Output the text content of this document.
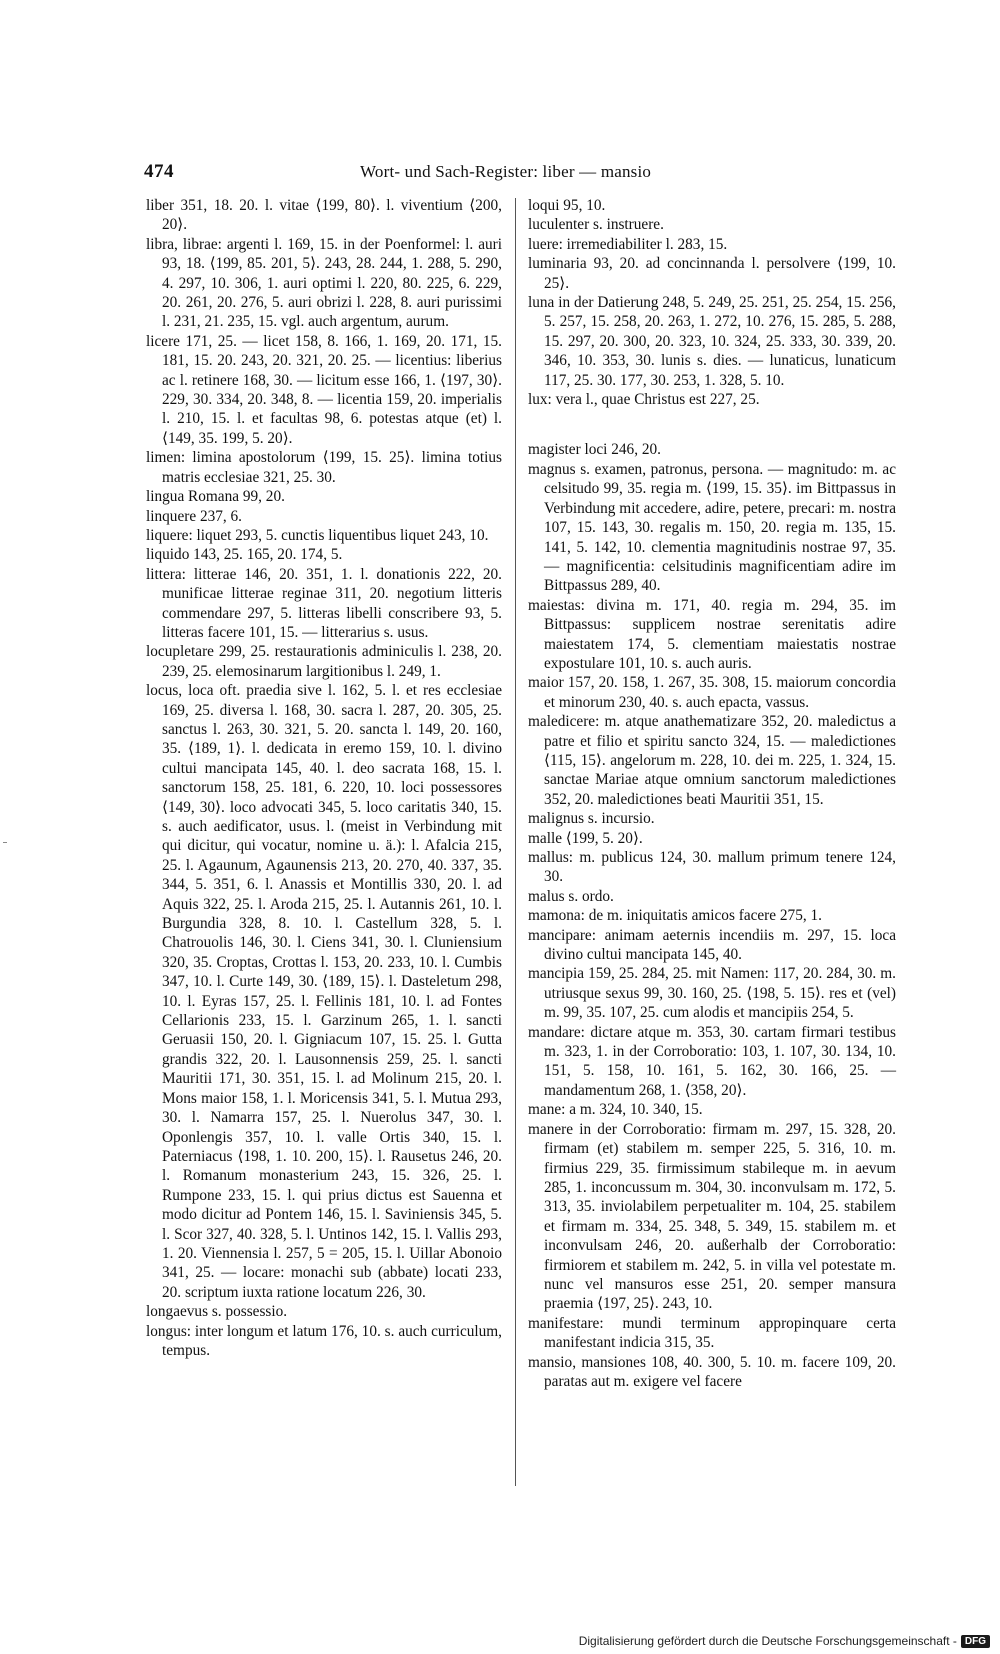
474	Wort- und Sach-Register: liber — mansio

liber 351, 18. 20. l. vitae ⟨199, 80⟩. l. viventium ⟨200, 20⟩.

libra, librae: argenti l. 169, 15. in der Poenformel: l. auri 93, 18. ⟨199, 85. 201, 5⟩. 243, 28. 244, 1. 288, 5. 290, 4. 297, 10. 306, 1. auri optimi l. 220, 80. 225, 6. 229, 20. 261, 20. 276, 5. auri obrizi l. 228, 8. auri purissimi l. 231, 21. 235, 15. vgl. auch argentum, aurum.

licere 171, 25. — licet 158, 8. 166, 1. 169, 20. 171, 15. 181, 15. 20. 243, 20. 321, 20. 25. — licentius: liberius ac l. retinere 168, 30. — licitum esse 166, 1. ⟨197, 30⟩. 229, 30. 334, 20. 348, 8. — licentia 159, 20. imperialis l. 210, 15. l. et facultas 98, 6. potestas atque (et) l. ⟨149, 35. 199, 5. 20⟩.

limen: limina apostolorum ⟨199, 15. 25⟩. limina totius matris ecclesiae 321, 25. 30.

lingua Romana 99, 20.

linquere 237, 6.

liquere: liquet 293, 5. cunctis liquentibus liquet 243, 10.

liquido 143, 25. 165, 20. 174, 5.

littera: litterae 146, 20. 351, 1. l. donationis 222, 20. munificae litterae reginae 311, 20. negotium litteris commendare 297, 5. litteras libelli conscribere 93, 5. litteras facere 101, 15. — litterarius s. usus.

locupletare 299, 25. restaurationis adminiculis l. 238, 20. 239, 25. elemosinarum largitionibus l. 249, 1.

locus, loca oft. praedia sive l. 162, 5. l. et res ecclesiae 169, 25. diversa l. 168, 30. sacra l. 287, 20. 305, 25. sanctus l. 263, 30. 321, 5. 20. sancta l. 149, 20. 160, 35. ⟨189, 1⟩. l. dedicata in eremo 159, 10. l. divino cultui mancipata 145, 40. l. deo sacrata 168, 15. l. sanctorum 158, 25. 181, 6. 220, 10. loci possessores ⟨149, 30⟩. loco advocati 345, 5. loco caritatis 340, 15. s. auch aedificator, usus. l. (meist in Verbindung mit qui dicitur, qui vocatur, nomine u. ä.): l. Afalcia 215, 25. l. Agaunum, Agaunensis 213, 20. 270, 40. 337, 35. 344, 5. 351, 6. l. Anassis et Montillis 330, 20. l. ad Aquis 322, 25. l. Aroda 215, 25. l. Autannis 261, 10. l. Burgundia 328, 8. 10. l. Castellum 328, 5. l. Chatrouolis 146, 30. l. Ciens 341, 30. l. Cluniensium 320, 35. Croptas, Crottas l. 153, 20. 233, 10. l. Cumbis 347, 10. l. Curte 149, 30. ⟨189, 15⟩. l. Dasteletum 298, 10. l. Eyras 157, 25. l. Fellinis 181, 10. l. ad Fontes Cellarionis 233, 15. l. Garzinum 265, 1. l. sancti Geruasii 150, 20. l. Gigniacum 107, 15. 25. l. Gutta grandis 322, 20. l. Lausonnensis 259, 25. l. sancti Mauritii 171, 30. 351, 15. l. ad Molinum 215, 20. l. Mons maior 158, 1. l. Moricensis 341, 5. l. Mutua 293, 30. l. Namarra 157, 25. l. Nuerolus 347, 30. l. Oponlengis 357, 10. l. valle Ortis 340, 15. l. Paterniacus ⟨198, 1. 10. 200, 15⟩. l. Rausetus 246, 20. l. Romanum monasterium 243, 15. 326, 25. l. Rumpone 233, 15. l. qui prius dictus est Sauenna et modo dicitur ad Pontem 146, 15. l. Saviniensis 345, 5. l. Scor 327, 40. 328, 5. l. Untinos 142, 15. l. Vallis 293, 1. 20. Viennensia l. 257, 5 = 205, 15. l. Uillar Abonoio 341, 25. — locare: monachi sub (abbate) locati 233, 20. scriptum iuxta ratione locatum 226, 30.

longaevus s. possessio.

longus: inter longum et latum 176, 10. s. auch curriculum, tempus.

loqui 95, 10.

luculenter s. instruere.

luere: irremediabiliter l. 283, 15.

luminaria 93, 20. ad concinnanda l. persolvere ⟨199, 10. 25⟩.

luna in der Datierung 248, 5. 249, 25. 251, 25. 254, 15. 256, 5. 257, 15. 258, 20. 263, 1. 272, 10. 276, 15. 285, 5. 288, 15. 297, 20. 300, 20. 323, 10. 324, 25. 333, 30. 339, 20. 346, 10. 353, 30. lunis s. dies. — lunaticus, lunaticum 117, 25. 30. 177, 30. 253, 1. 328, 5. 10.

lux: vera l., quae Christus est 227, 25.

magister loci 246, 20.

magnus s. examen, patronus, persona. — magnitudo: m. ac celsitudo 99, 35. regia m. ⟨199, 15. 35⟩. im Bittpassus in Verbindung mit accedere, adire, petere, precari: m. nostra 107, 15. 143, 30. regalis m. 150, 20. regia m. 135, 15. 141, 5. 142, 10. clementia magnitudinis nostrae 97, 35. — magnificentia: celsitudinis magnificentiam adire im Bittpassus 289, 40.

maiestas: divina m. 171, 40. regia m. 294, 35. im Bittpassus: supplicem nostrae serenitatis adire maiestatem 174, 5. clementiam maiestatis nostrae expostulare 101, 10. s. auch auris.

maior 157, 20. 158, 1. 267, 35. 308, 15. maiorum concordia et minorum 230, 40. s. auch epacta, vassus.

maledicere: m. atque anathematizare 352, 20. maledictus a patre et filio et spiritu sancto 324, 15. — maledictiones ⟨115, 15⟩. angelorum m. 228, 10. dei m. 225, 1. 324, 15. sanctae Mariae atque omnium sanctorum maledictiones 352, 20. maledictiones beati Mauritii 351, 15.

malignus s. incursio.

malle ⟨199, 5. 20⟩.

mallus: m. publicus 124, 30. mallum primum tenere 124, 30.

malus s. ordo.

mamona: de m. iniquitatis amicos facere 275, 1.

mancipare: animam aeternis incendiis m. 297, 15. loca divino cultui mancipata 145, 40.

mancipia 159, 25. 284, 25. mit Namen: 117, 20. 284, 30. m. utriusque sexus 99, 30. 160, 25. ⟨198, 5. 15⟩. res et (vel) m. 99, 35. 107, 25. cum alodis et mancipiis 254, 5.

mandare: dictare atque m. 353, 30. cartam firmari testibus m. 323, 1. in der Corroboratio: 103, 1. 107, 30. 134, 10. 151, 5. 158, 10. 161, 5. 162, 30. 166, 25. — mandamentum 268, 1. ⟨358, 20⟩.

mane: a m. 324, 10. 340, 15.

manere in der Corroboratio: firmam m. 297, 15. 328, 20. firmam (et) stabilem m. semper 225, 5. 316, 10. m. firmius 229, 35. firmissimum stabileque m. in aevum 285, 1. inconcussum m. 304, 30. inconvulsam m. 172, 5. 313, 35. inviolabilem perpetualiter m. 104, 25. stabilem et firmam m. 334, 25. 348, 5. 349, 15. stabilem m. et inconvulsam 246, 20. außerhalb der Corroboratio: firmiorem et stabilem m. 242, 5. in villa vel potestate m. nunc vel mansuros esse 251, 20. semper mansura praemia ⟨197, 25⟩. 243, 10.

manifestare: mundi terminum appropinquare certa manifestant indicia 315, 35.

mansio, mansiones 108, 40. 300, 5. 10. m. facere 109, 20. paratas aut m. exigere vel facere

Digitalisierung gefördert durch die Deutsche Forschungsgemeinschaft - DFG
